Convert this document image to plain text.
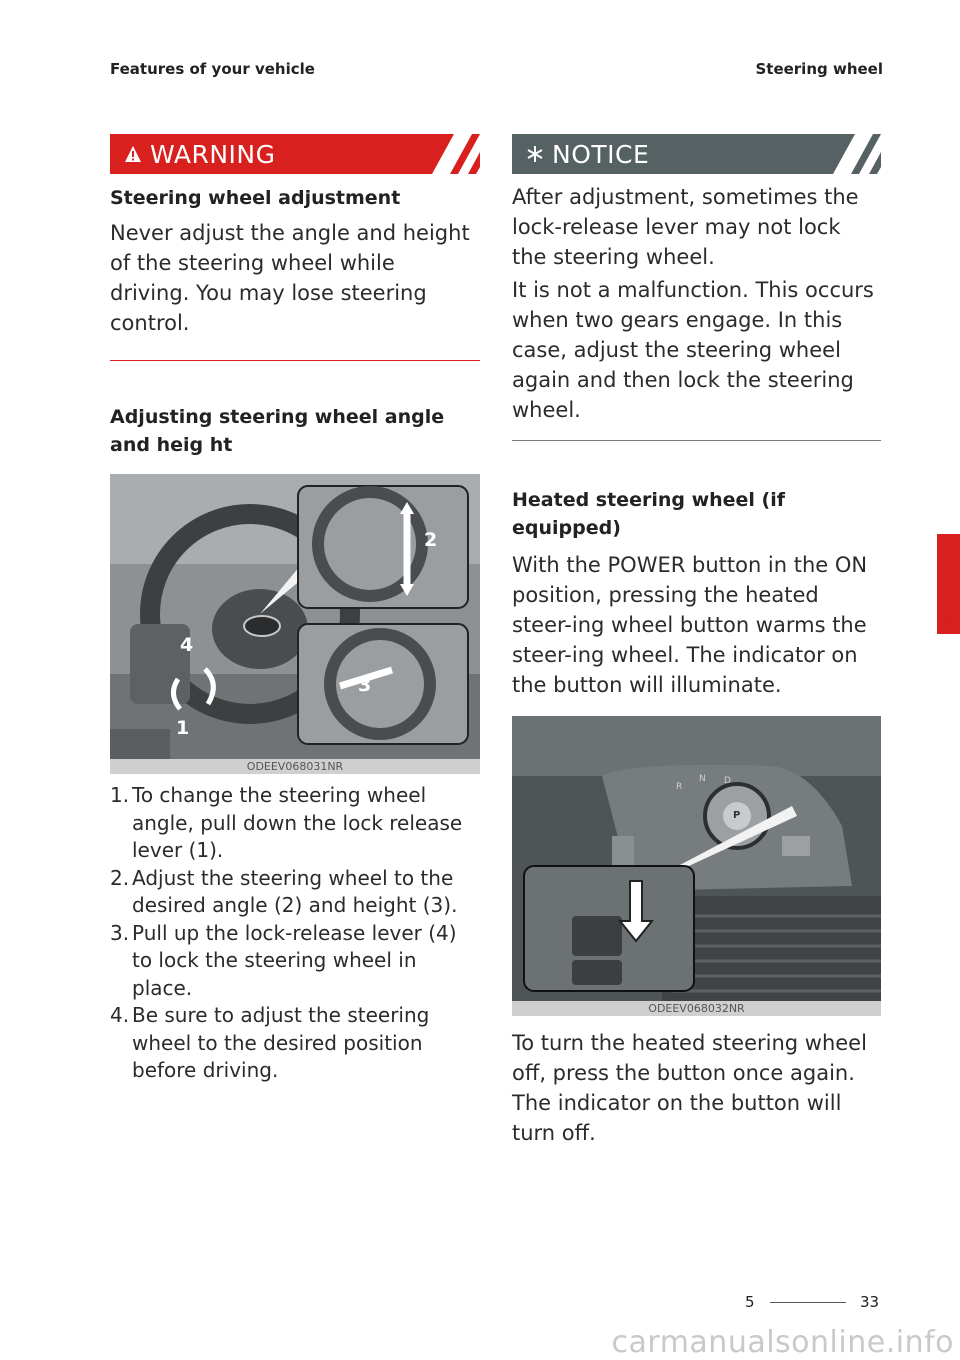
Features of your vehicle	Steering wheel
WARNING
Steering wheel adjustment
Never adjust the angle and height of the steering wheel while driving. You may lose steering control.
Adjusting steering wheel angle and heig ht
1
2
3
4
ODEEV068031NR
1. To change the steering wheel angle, pull down the lock release lever (1).
2. Adjust the steering wheel to the desired angle (2) and height (3).
3. Pull up the lock-release lever (4) to lock the steering wheel in place.
4. Be sure to adjust the steering wheel to the desired position before driving.
NOTICE
After adjustment, sometimes the lock-release lever may not lock the steering wheel.
It is not a malfunction. This occurs when two gears engage. In this case, adjust the steering wheel again and then lock the steering wheel.
Heated steering wheel (if equipped)
With the POWER button in the ON position, pressing the heated steer-ing wheel button warms the steer-ing wheel. The indicator on the button will illuminate.
R
N D
P
ODEEV068032NR
To turn the heated steering wheel off, press the button once again. The indicator on the button will turn off.
5
5	33
carmanualsonline.info
